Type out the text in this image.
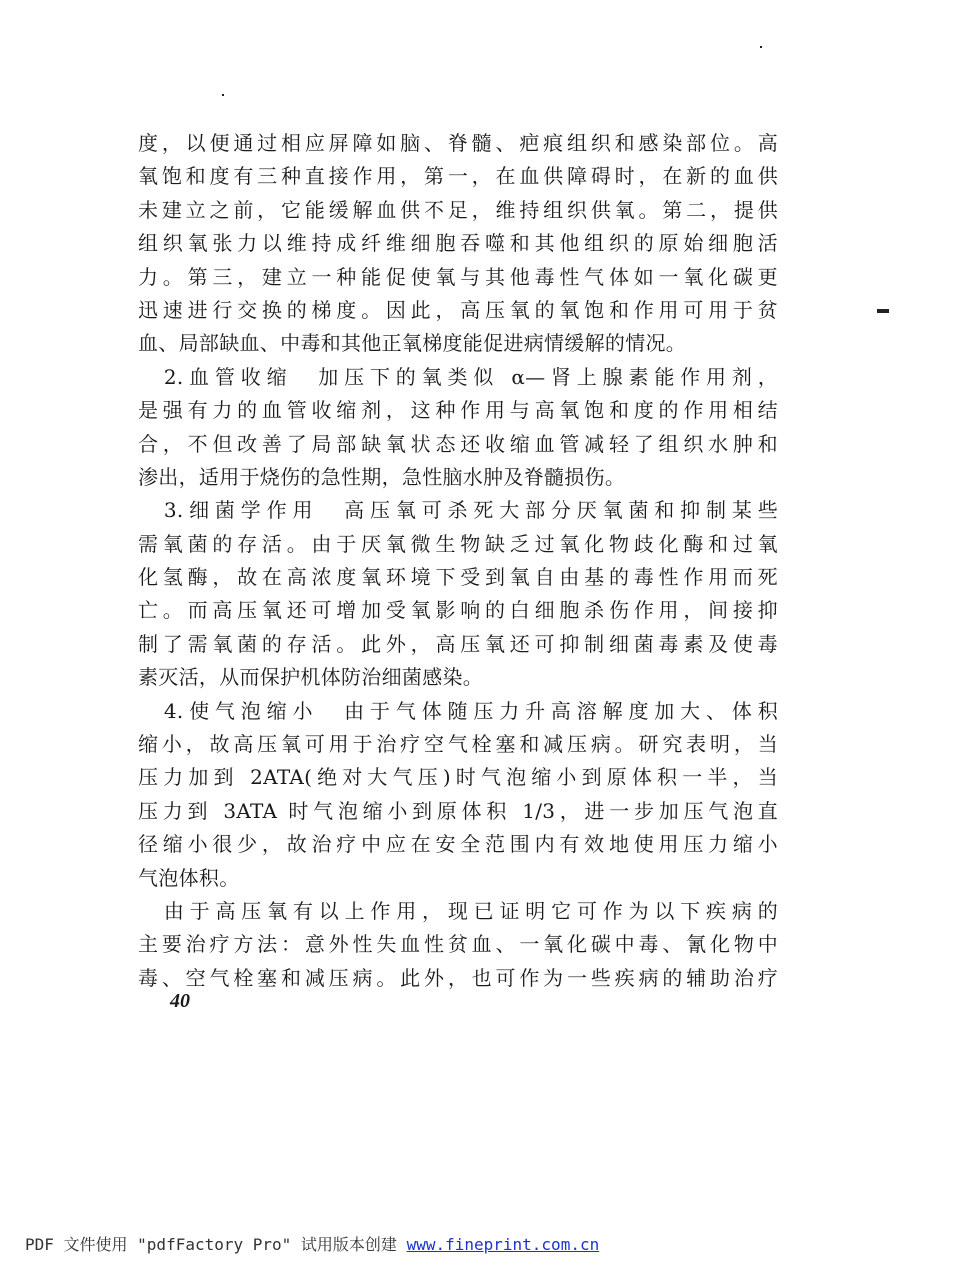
度，以便通过相应屏障如脑、脊髓、疤痕组织和感染部位。高
氧饱和度有三种直接作用，第一，在血供障碍时，在新的血供
未建立之前，它能缓解血供不足，维持组织供氧。第二，提供
组织氧张力以维持成纤维细胞吞噬和其他组织的原始细胞活
力。第三，建立一种能促使氧与其他毒性气体如一氧化碳更
迅速进行交换的梯度。因此，高压氧的氧饱和作用可用于贫
血、局部缺血、中毒和其他正氧梯度能促进病情缓解的情况。
　2.血管收缩　加压下的氧类似 α—肾上腺素能作用剂，
是强有力的血管收缩剂，这种作用与高氧饱和度的作用相结
合，不但改善了局部缺氧状态还收缩血管减轻了组织水肿和
渗出，适用于烧伤的急性期，急性脑水肿及脊髓损伤。
　3.细菌学作用　高压氧可杀死大部分厌氧菌和抑制某些
需氧菌的存活。由于厌氧微生物缺乏过氧化物歧化酶和过氧
化氢酶，故在高浓度氧环境下受到氧自由基的毒性作用而死
亡。而高压氧还可增加受氧影响的白细胞杀伤作用，间接抑
制了需氧菌的存活。此外，高压氧还可抑制细菌毒素及使毒
素灭活，从而保护机体防治细菌感染。
　4.使气泡缩小　由于气体随压力升高溶解度加大、体积
缩小，故高压氧可用于治疗空气栓塞和减压病。研究表明，当
压力加到 2ATA(绝对大气压)时气泡缩小到原体积一半，当
压力到 3ATA 时气泡缩小到原体积 1/3，进一步加压气泡直
径缩小很少，故治疗中应在安全范围内有效地使用压力缩小
气泡体积。
　由于高压氧有以上作用，现已证明它可作为以下疾病的
主要治疗方法：意外性失血性贫血、一氧化碳中毒、氰化物中
毒、空气栓塞和减压病。此外，也可作为一些疾病的辅助治疗
40
PDF 文件使用 "pdfFactory Pro" 试用版本创建 www.fineprint.com.cn
